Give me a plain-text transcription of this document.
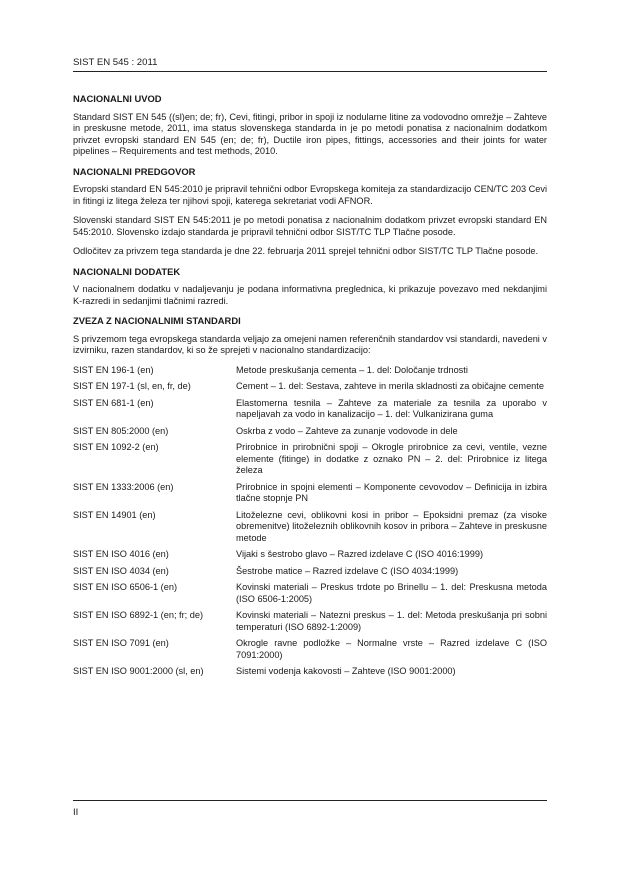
SIST EN 545 : 2011
NACIONALNI UVOD

Standard SIST EN 545 ((sl)en; de; fr), Cevi, fitingi, pribor in spoji iz nodularne litine za vodovodno omrežje – Zahteve in preskusne metode, 2011, ima status slovenskega standarda in je po metodi ponatisa z nacionalnim dodatkom privzet evropski standard EN 545 (en; de; fr), Ductile iron pipes, fittings, accessories and their joints for water pipelines – Requirements and test methods, 2010.

NACIONALNI PREDGOVOR

Evropski standard EN 545:2010 je pripravil tehnični odbor Evropskega komiteja za standardizacijo CEN/TC 203 Cevi in fitingi iz litega železa ter njihovi spoji, katerega sekretariat vodi AFNOR.

Slovenski standard SIST EN 545:2011 je po metodi ponatisa z nacionalnim dodatkom privzet evropski standard EN 545:2010. Slovensko izdajo standarda je pripravil tehnični odbor SIST/TC TLP Tlačne posode.

Odločitev za privzem tega standarda je dne 22. februarja 2011 sprejel tehnični odbor SIST/TC TLP Tlačne posode.

NACIONALNI DODATEK

V nacionalnem dodatku v nadaljevanju je podana informativna preglednica, ki prikazuje povezavo med nekdanjimi K-razredi in sedanjimi tlačnimi razredi.

ZVEZA Z NACIONALNIMI STANDARDI

S privzemom tega evropskega standarda veljajo za omejeni namen referenčnih standardov vsi standardi, navedeni v izvirniku, razen standardov, ki so že sprejeti v nacionalno standardizacijo:

SIST EN 196-1 (en)	Metode preskušanja cementa – 1. del: Določanje trdnosti
SIST EN 197-1 (sl, en, fr, de)	Cement – 1. del: Sestava, zahteve in merila skladnosti za običajne cemente
SIST EN 681-1 (en)	Elastomerna tesnila – Zahteve za materiale za tesnila za uporabo v napeljavah za vodo in kanalizacijo – 1. del: Vulkanizirana guma
SIST EN 805:2000 (en)	Oskrba z vodo – Zahteve za zunanje vodovode in dele
SIST EN 1092-2 (en)	Prirobnice in prirobnični spoji – Okrogle prirobnice za cevi, ventile, vezne elemente (fitinge) in dodatke z oznako PN – 2. del: Prirobnice iz litega železa
SIST EN 1333:2006 (en)	Prirobnice in spojni elementi – Komponente cevovodov – Definicija in izbira tlačne stopnje PN
SIST EN 14901 (en)	Litoželezne cevi, oblikovni kosi in pribor – Epoksidni premaz (za visoke obremenitve) litoželeznih oblikovnih kosov in pribora – Zahteve in preskusne metode
SIST EN ISO 4016 (en)	Vijaki s šestrobo glavo – Razred izdelave C (ISO 4016:1999)
SIST EN ISO 4034 (en)	Šestrobe matice – Razred izdelave C (ISO 4034:1999)
SIST EN ISO 6506-1 (en)	Kovinski materiali – Preskus trdote po Brinellu – 1. del: Preskusna metoda (ISO 6506-1:2005)
SIST EN ISO 6892-1 (en; fr; de)	Kovinski materiali – Natezni preskus – 1. del: Metoda preskušanja pri sobni temperaturi (ISO 6892-1:2009)
SIST EN ISO 7091 (en)	Okrogle ravne podložke – Normalne vrste – Razred izdelave C (ISO 7091:2000)
SIST EN ISO 9001:2000 (sl, en)	Sistemi vodenja kakovosti – Zahteve (ISO 9001:2000)
II
